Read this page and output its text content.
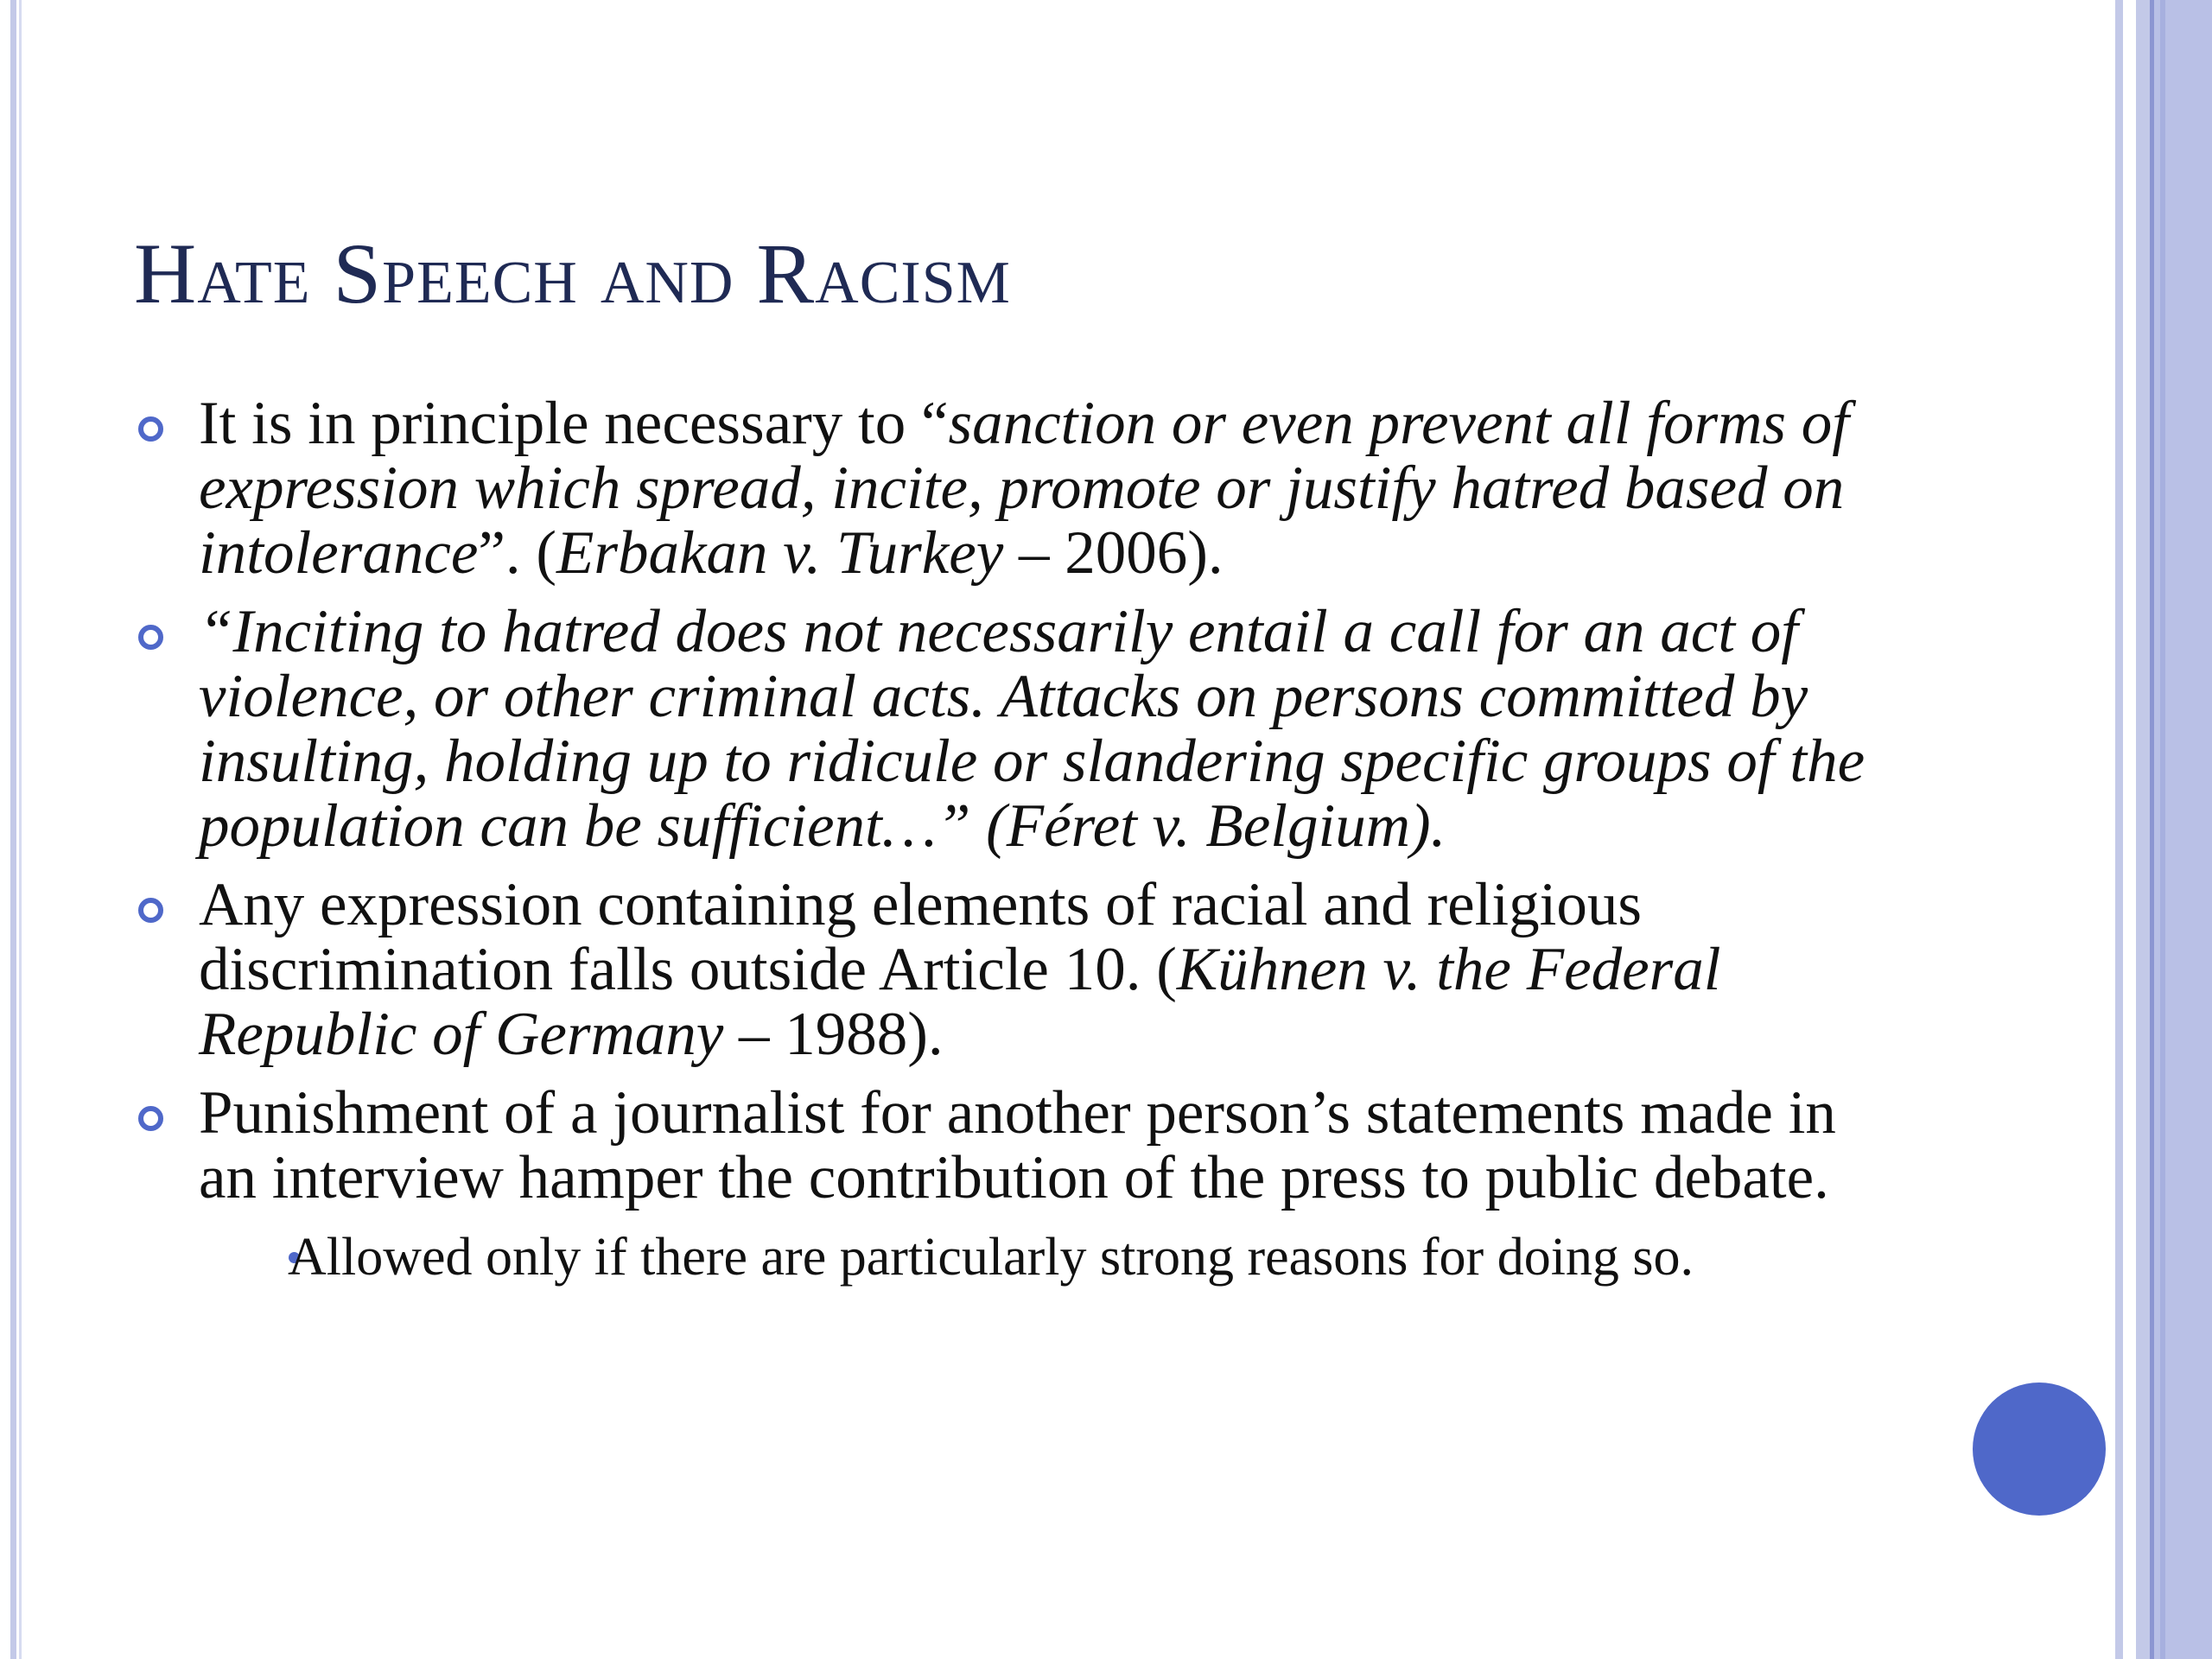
Hate Speech and Racism
It is in principle necessary to “sanction or even prevent all forms of expression which spread, incite, promote or justify hatred based on intolerance”. (Erbakan v. Turkey – 2006).
“Inciting to hatred does not necessarily entail a call for an act of violence, or other criminal acts. Attacks on persons committed by insulting, holding up to ridicule or slandering specific groups of the population can be sufficient…” (Féret v. Belgium).
Any expression containing elements of racial and religious discrimination falls outside Article 10. (Kühnen v. the Federal Republic of Germany – 1988).
Punishment of a journalist for another person’s statements made in an interview hamper the contribution of the press to public debate.
Allowed only if there are particularly strong reasons for doing so.
